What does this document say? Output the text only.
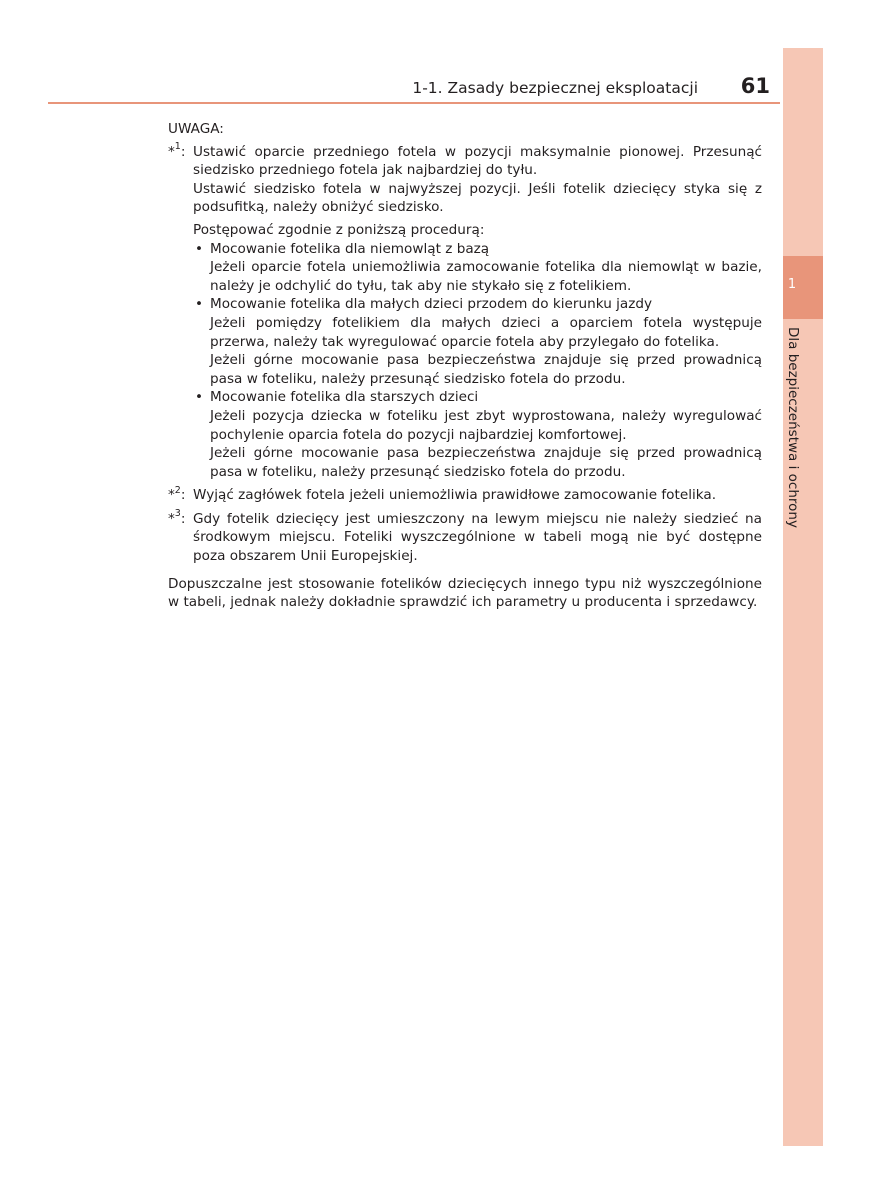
1
Dla bezpieczeństwa i ochrony
1-1. Zasady bezpiecznej eksploatacji	61

UWAGA:

*$^1$: Ustawić oparcie przedniego fotela w pozycji maksymalnie pionowej. Przesunąć siedzisko przedniego fotela jak najbardziej do tyłu.

Ustawić siedzisko fotela w najwyższej pozycji. Jeśli fotelik dziecięcy styka się z podsufitką, należy obniżyć siedzisko.

Postępować zgodnie z poniższą procedurą:

• Mocowanie fotelika dla niemowląt z bazą

Jeżeli oparcie fotela uniemożliwia zamocowanie fotelika dla niemowląt w bazie, należy je odchylić do tyłu, tak aby nie stykało się z fotelikiem.

• Mocowanie fotelika dla małych dzieci przodem do kierunku jazdy

Jeżeli pomiędzy fotelikiem dla małych dzieci a oparciem fotela występuje przerwa, należy tak wyregulować oparcie fotela aby przylegało do fotelika.

Jeżeli górne mocowanie pasa bezpieczeństwa znajduje się przed prowadnicą pasa w foteliku, należy przesunąć siedzisko fotela do przodu.

• Mocowanie fotelika dla starszych dzieci

Jeżeli pozycja dziecka w foteliku jest zbyt wyprostowana, należy wyregulować pochylenie oparcia fotela do pozycji najbardziej komfortowej.

Jeżeli górne mocowanie pasa bezpieczeństwa znajduje się przed prowadnicą pasa w foteliku, należy przesunąć siedzisko fotela do przodu.

*$^2$: Wyjąć zagłówek fotela jeżeli uniemożliwia prawidłowe zamocowanie fotelika.

*$^3$: Gdy fotelik dziecięcy jest umieszczony na lewym miejscu nie należy siedzieć na środkowym miejscu. Foteliki wyszczególnione w tabeli mogą nie być dostępne poza obszarem Unii Europejskiej.

Dopuszczalne jest stosowanie fotelików dziecięcych innego typu niż wyszczególnione w tabeli, jednak należy dokładnie sprawdzić ich parametry u producenta i sprzedawcy.
